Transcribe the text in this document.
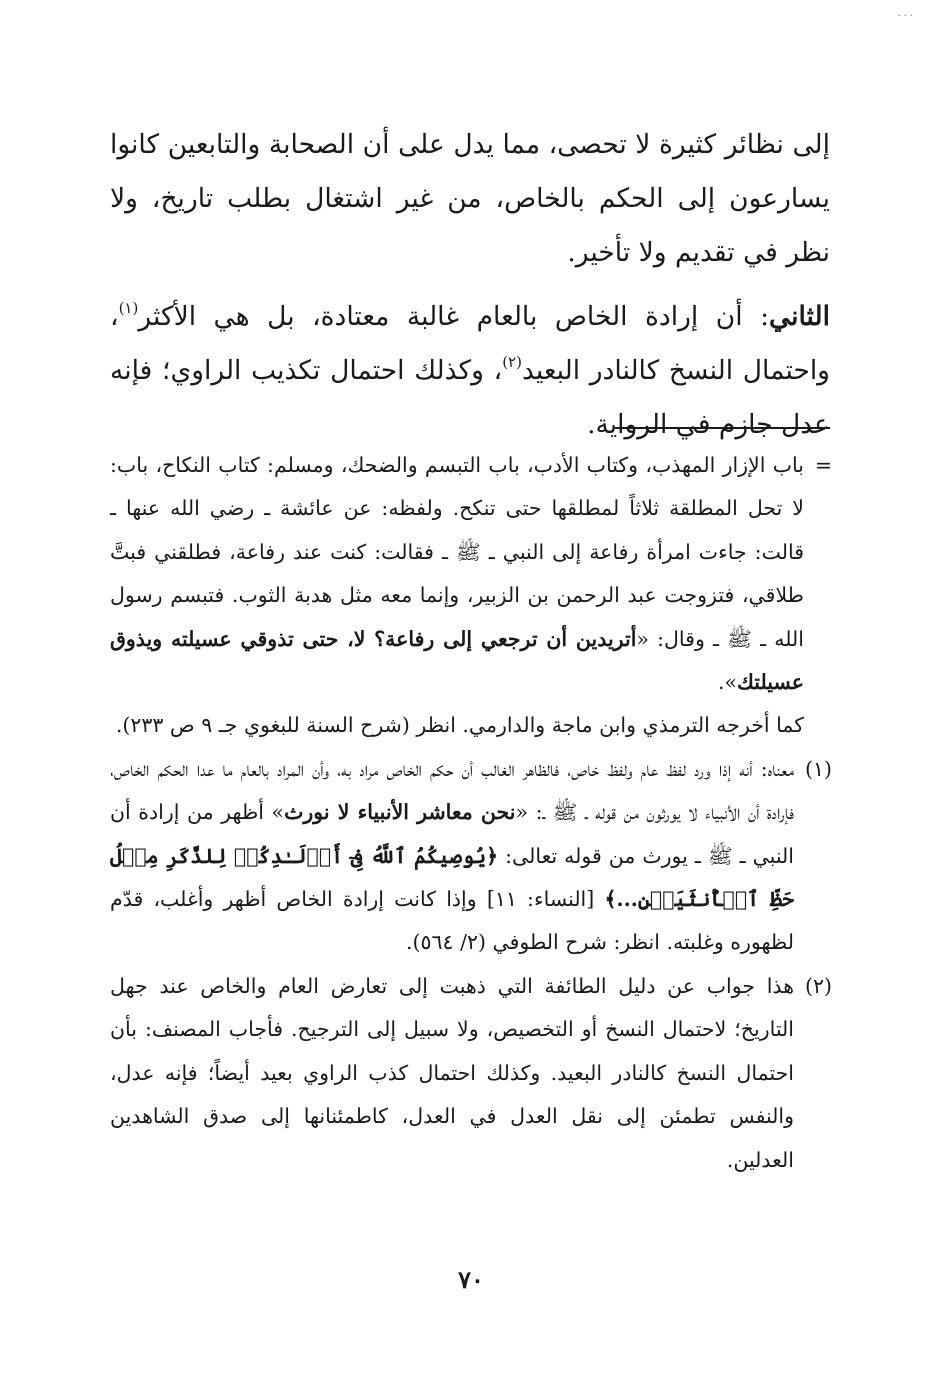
...

إلى نظائر كثيرة لا تحصى، مما يدل على أن الصحابة والتابعين كانوا يسارعون إلى الحكم بالخاص، من غير اشتغال بطلب تاريخ، ولا نظر في تقديم ولا تأخير.

الثاني: أن إرادة الخاص بالعام غالبة معتادة، بل هي الأكثر$^{(١)}$، واحتمال النسخ كالنادر البعيد$^{(٢)}$، وكذلك احتمال تكذيب الراوي؛ فإنه عدل جازم في الرواية.

=
باب الإزار المهذب، وكتاب الأدب، باب التبسم والضحك، ومسلم: كتاب النكاح، باب: لا تحل المطلقة ثلاثاً لمطلقها حتى تنكح. ولفظه: عن عائشة ـ رضي الله عنها ـ قالت: جاءت امرأة رفاعة إلى النبي ـ ﷺ ـ فقالت: كنت عند رفاعة، فطلقني فبتَّ طلاقي، فتزوجت عبد الرحمن بن الزبير، وإنما معه مثل هدبة الثوب. فتبسم رسول الله ـ ﷺ ـ وقال: «أتريدين أن ترجعي إلى رفاعة؟ لا، حتى تذوقي عسيلته ويذوق عسيلتك».
كما أخرجه الترمذي وابن ماجة والدارمي. انظر (شرح السنة للبغوي جـ ٩ ص ٢٣٣).
(١)
معناه: أنه إذا ورد لفظ عام ولفظ خاص، فالظاهر الغالب أن حكم الخاص مراد به، وأن المراد بالعام ما عدا الحكم الخاص، فإرادة أن الأنبياء لا يورثون من قوله ـ ﷺ ـ: «نحن معاشر الأنبياء لا نورث» أظهر من إرادة أن النبي ـ ﷺ ـ يورث من قوله تعالى: ﴿يُوصِيكُمُ ٱللَّهُ فِىٓ أَوۡلَـٰدِكُمۡ لِلذَّكَرِ مِثۡلُ حَظِّ ٱلۡأُنثَيَيۡنِ...﴾ [النساء: ١١] وإذا كانت إرادة الخاص أظهر وأغلب، قدّم لظهوره وغلبته. انظر: شرح الطوفي (٢/ ٥٦٤).
(٢)
هذا جواب عن دليل الطائفة التي ذهبت إلى تعارض العام والخاص عند جهل التاريخ؛ لاحتمال النسخ أو التخصيص، ولا سبيل إلى الترجيح. فأجاب المصنف: بأن احتمال النسخ كالنادر البعيد. وكذلك احتمال كذب الراوي بعيد أيضاً؛ فإنه عدل، والنفس تطمئن إلى نقل العدل في العدل، كاطمئنانها إلى صدق الشاهدين العدلين.
٧٠
